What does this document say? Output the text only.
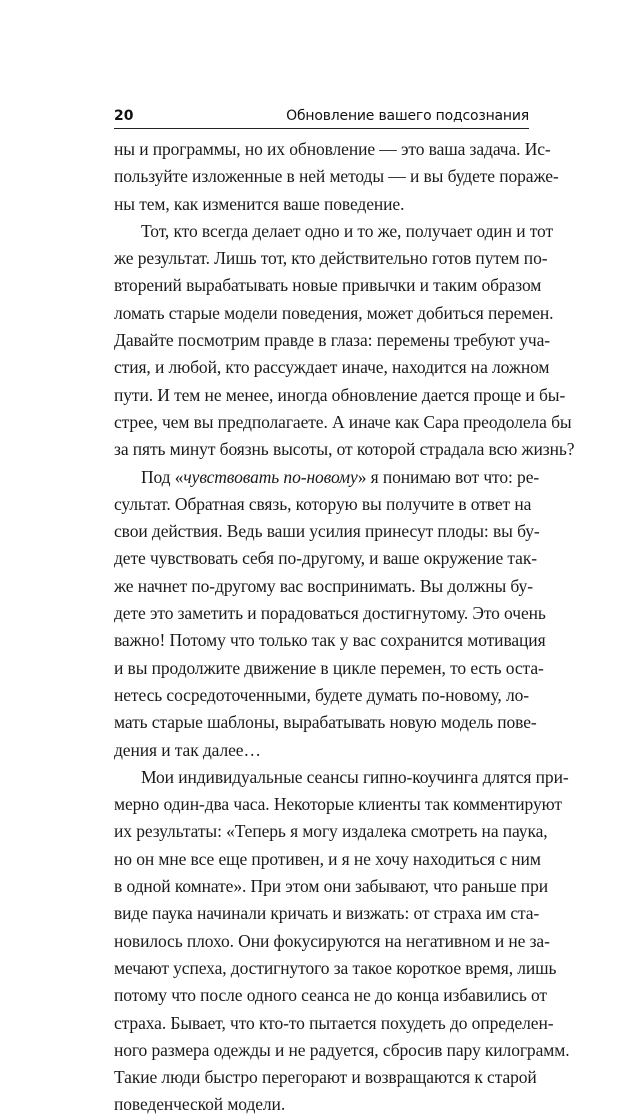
20	Обновление вашего подсознания
ны и программы, но их обновление — это ваша задача. Ис-
пользуйте изложенные в ней методы — и вы будете пораже-
ны тем, как изменится ваше поведение.
Тот, кто всегда делает одно и то же, получает один и тот
же результат. Лишь тот, кто действительно готов путем по-
вторений вырабатывать новые привычки и таким образом
ломать старые модели поведения, может добиться перемен.
Давайте посмотрим правде в глаза: перемены требуют уча-
стия, и любой, кто рассуждает иначе, находится на ложном
пути. И тем не менее, иногда обновление дается проще и бы-
стрее, чем вы предполагаете. А иначе как Сара преодолела бы
за пять минут боязнь высоты, от которой страдала всю жизнь?
Под «чувствовать по-новому» я понимаю вот что: ре-
сультат. Обратная связь, которую вы получите в ответ на
свои действия. Ведь ваши усилия принесут плоды: вы бу-
дете чувствовать себя по-другому, и ваше окружение так-
же начнет по-другому вас воспринимать. Вы должны бу-
дете это заметить и порадоваться достигнутому. Это очень
важно! Потому что только так у вас сохранится мотивация
и вы продолжите движение в цикле перемен, то есть оста-
нетесь сосредоточенными, будете думать по-новому, ло-
мать старые шаблоны, вырабатывать новую модель пове-
дения и так далее…
Мои индивидуальные сеансы гипно-коучинга длятся при-
мерно один-два часа. Некоторые клиенты так комментируют
их результаты: «Теперь я могу издалека смотреть на паука,
но он мне все еще противен, и я не хочу находиться с ним
в одной комнате». При этом они забывают, что раньше при
виде паука начинали кричать и визжать: от страха им ста-
новилось плохо. Они фокусируются на негативном и не за-
мечают успеха, достигнутого за такое короткое время, лишь
потому что после одного сеанса не до конца избавились от
страха. Бывает, что кто-то пытается похудеть до определен-
ного размера одежды и не радуется, сбросив пару килограмм.
Такие люди быстро перегорают и возвращаются к старой
поведенческой модели.
